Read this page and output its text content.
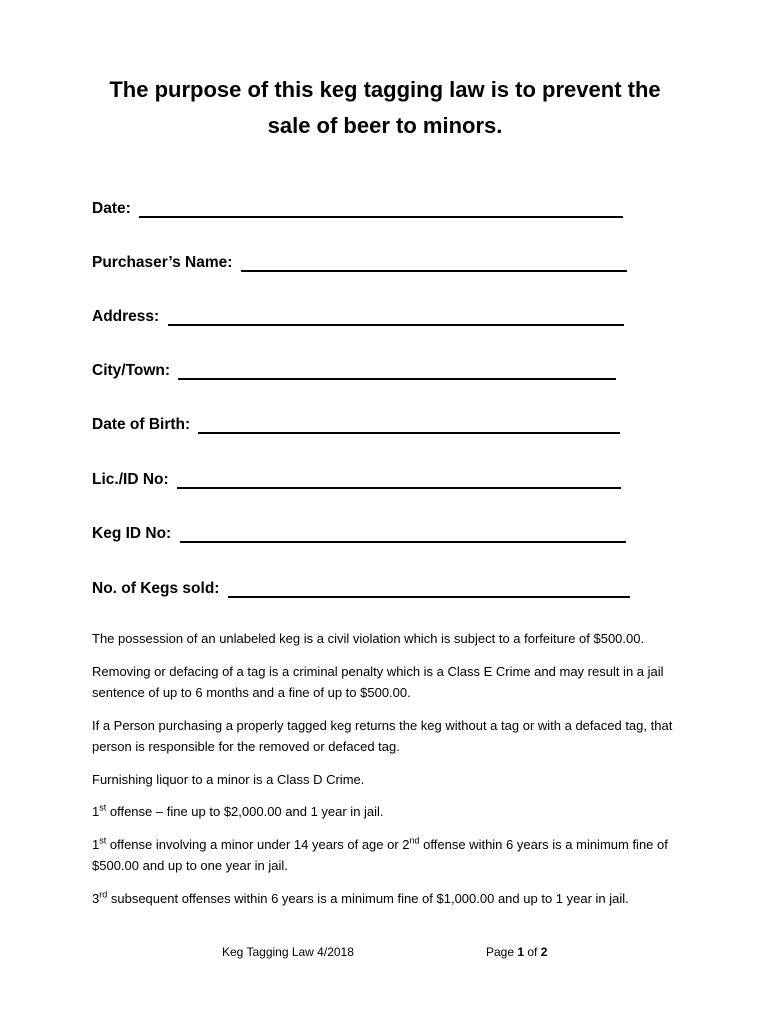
The purpose of this keg tagging law is to prevent the
sale of beer to minors.
Date:
Purchaser’s Name:
Address:
City/Town:
Date of Birth:
Lic./ID No:
Keg ID No:
No. of Kegs sold:
The possession of an unlabeled keg is a civil violation which is subject to a forfeiture of $500.00.
Removing or defacing of a tag is a criminal penalty which is a Class E Crime and may result in a jail sentence of up to 6 months and a fine of up to $500.00.
If a Person purchasing a properly tagged keg returns the keg without a tag or with a defaced tag, that person is responsible for the removed or defaced tag.
Furnishing liquor to a minor is a Class D Crime.
1st offense – fine up to $2,000.00 and 1 year in jail.
1st offense involving a minor under 14 years of age or 2nd offense within 6 years is a minimum fine of $500.00 and up to one year in jail.
3rd subsequent offenses within 6 years is a minimum fine of $1,000.00 and up to 1 year in jail.
Keg Tagging Law 4/2018	Page 1 of 2
